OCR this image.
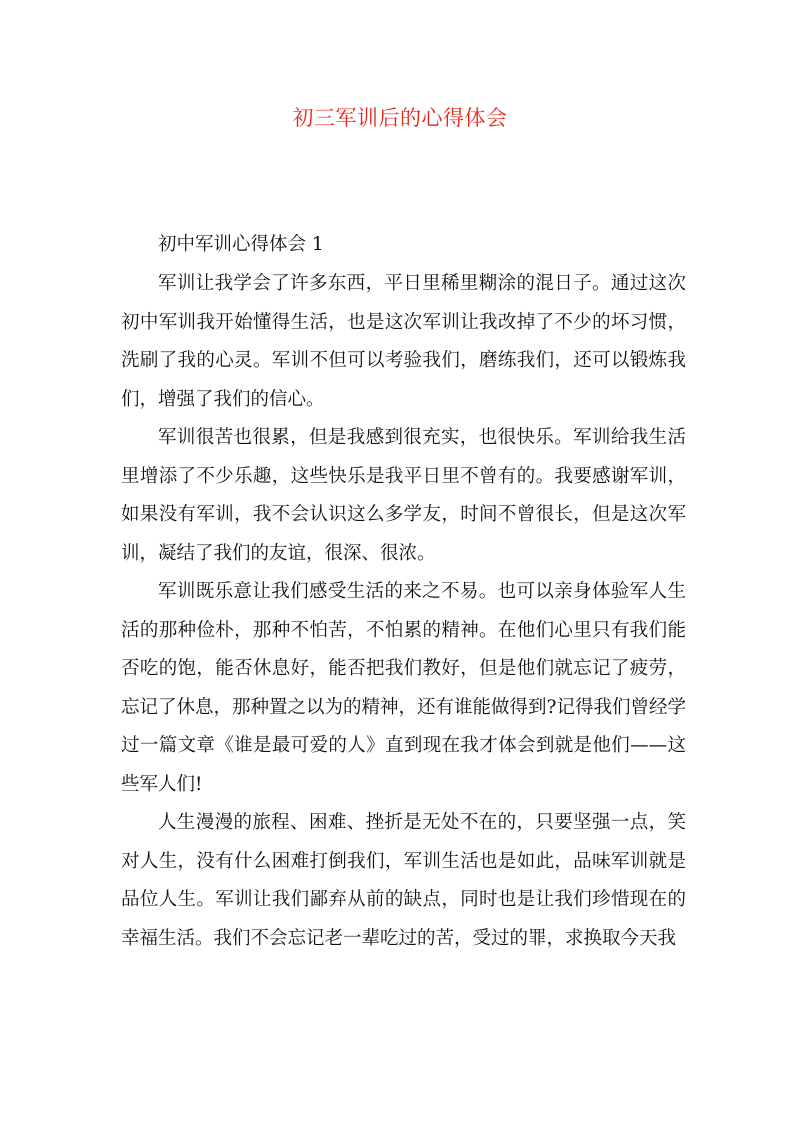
初三军训后的心得体会

初中军训心得体会 1

军训让我学会了许多东西，平日里稀里糊涂的混日子。通过这次初中军训我开始懂得生活，也是这次军训让我改掉了不少的坏习惯，洗刷了我的心灵。军训不但可以考验我们，磨练我们，还可以锻炼我们，增强了我们的信心。

军训很苦也很累，但是我感到很充实，也很快乐。军训给我生活里增添了不少乐趣，这些快乐是我平日里不曾有的。我要感谢军训，如果没有军训，我不会认识这么多学友，时间不曾很长，但是这次军训，凝结了我们的友谊，很深、很浓。

军训既乐意让我们感受生活的来之不易。也可以亲身体验军人生活的那种俭朴，那种不怕苦，不怕累的精神。在他们心里只有我们能否吃的饱，能否休息好，能否把我们教好，但是他们就忘记了疲劳，忘记了休息，那种置之以为的精神，还有谁能做得到?记得我们曾经学过一篇文章《谁是最可爱的人》直到现在我才体会到就是他们——这些军人们!

人生漫漫的旅程、困难、挫折是无处不在的，只要坚强一点，笑对人生，没有什么困难打倒我们，军训生活也是如此，品味军训就是品位人生。军训让我们鄙弃从前的缺点，同时也是让我们珍惜现在的幸福生活。我们不会忘记老一辈吃过的苦，受过的罪，求换取今天我
